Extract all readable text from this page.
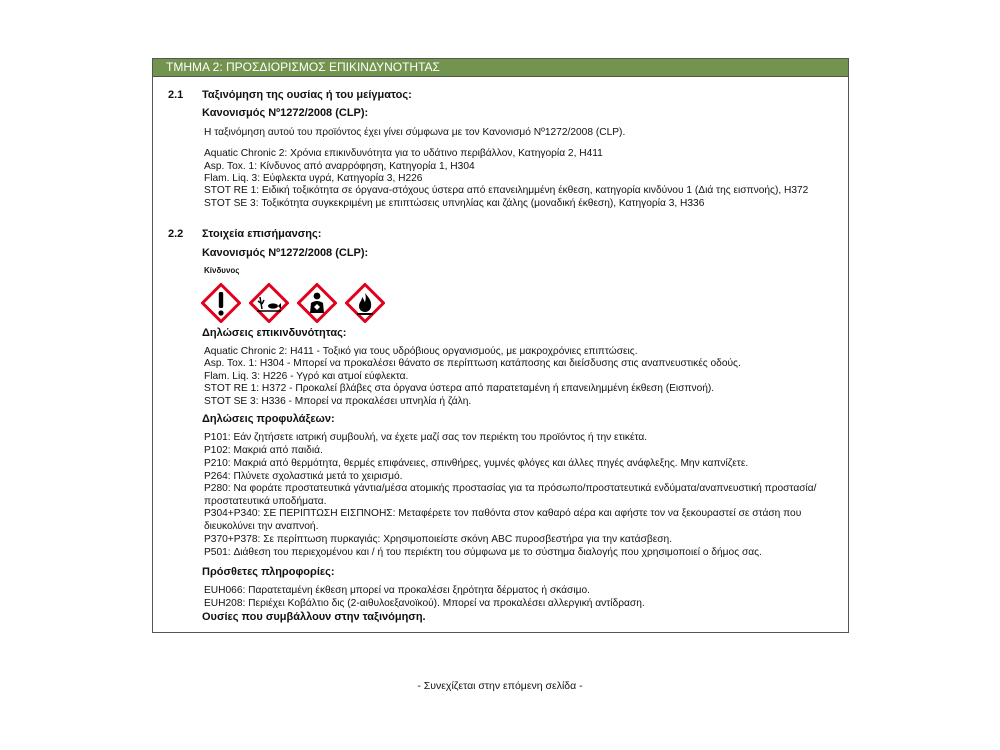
ΤΜΗΜΑ 2: ΠΡΟΣΔΙΟΡΙΣΜΟΣ ΕΠΙΚΙΝΔΥΝΟΤΗΤΑΣ
2.1 Ταξινόμηση της ουσίας ή του μείγματος:
Κανονισμός Nº1272/2008 (CLP):
Η ταξινόμηση αυτού του προϊόντος έχει γίνει σύμφωνα με τον Κανονισμό Nº1272/2008 (CLP).
Aquatic Chronic 2: Χρόνια επικινδυνότητα για το υδάτινο περιβάλλον, Κατηγορία 2, H411
Asp. Tox. 1: Κίνδυνος από αναρρόφηση, Κατηγορία 1, H304
Flam. Liq. 3: Εύφλεκτα υγρά, Κατηγορία 3, H226
STOT RE 1: Ειδική τοξικότητα σε όργανα-στόχους ύστερα από επανειλημμένη έκθεση, κατηγορία κινδύνου 1 (Διά της εισπνοής), H372
STOT SE 3: Τοξικότητα συγκεκριμένη με επιπτώσεις υπνηλίας και ζάλης (μοναδική έκθεση), Κατηγορία 3, H336
2.2 Στοιχεία επισήμανσης:
Κανονισμός Nº1272/2008 (CLP):
Κίνδυνος
Δηλώσεις επικινδυνότητας:
Aquatic Chronic 2: H411 - Τοξικό για τους υδρόβιους οργανισμούς, με μακροχρόνιες επιπτώσεις.
Asp. Tox. 1: H304 - Μπορεί να προκαλέσει θάνατο σε περίπτωση κατάποσης και διείσδυσης στις αναπνευστικές οδούς.
Flam. Liq. 3: H226 - Υγρό και ατμοί εύφλεκτα.
STOT RE 1: H372 - Προκαλεί βλάβες στα όργανα ύστερα από παρατεταμένη ή επανειλημμένη έκθεση (Εισπνοή).
STOT SE 3: H336 - Μπορεί να προκαλέσει υπνηλία ή ζάλη.
Δηλώσεις προφυλάξεων:
P101: Εάν ζητήσετε ιατρική συμβουλή, να έχετε μαζί σας τον περιέκτη του προϊόντος ή την ετικέτα.
P102: Μακριά από παιδιά.
P210: Μακριά από θερμότητα, θερμές επιφάνειες, σπινθήρες, γυμνές φλόγες και άλλες πηγές ανάφλεξης. Μην καπνίζετε.
P264: Πλύνετε σχολαστικά μετά το χειρισμό.
P280: Να φοράτε προστατευτικά γάντια/μέσα ατομικής προστασίας για τα πρόσωπο/προστατευτικά ενδύματα/αναπνευστική προστασία/προστατευτικά υποδήματα.
P304+P340: ΣΕ ΠΕΡΙΠΤΩΣΗ ΕΙΣΠΝΟΗΣ: Μεταφέρετε τον παθόντα στον καθαρό αέρα και αφήστε τον να ξεκουραστεί σε στάση που διευκολύνει την αναπνοή.
P370+P378: Σε περίπτωση πυρκαγιάς: Χρησιμοποιείστε σκόνη ABC πυροσβεστήρα για την κατάσβεση.
P501: Διάθεση του περιεχομένου και / ή του περιέκτη του σύμφωνα με το σύστημα διαλογής που χρησιμοποιεί ο δήμος σας.
Πρόσθετες πληροφορίες:
EUH066: Παρατεταμένη έκθεση μπορεί να προκαλέσει ξηρότητα δέρματος ή σκάσιμο.
EUH208: Περιέχει Κοβάλτιο δις (2-αιθυλοεξανοϊκού). Μπορεί να προκαλέσει αλλεργική αντίδραση.
Ουσίες που συμβάλλουν στην ταξινόμηση.
- Συνεχίζεται στην επόμενη σελίδα -
